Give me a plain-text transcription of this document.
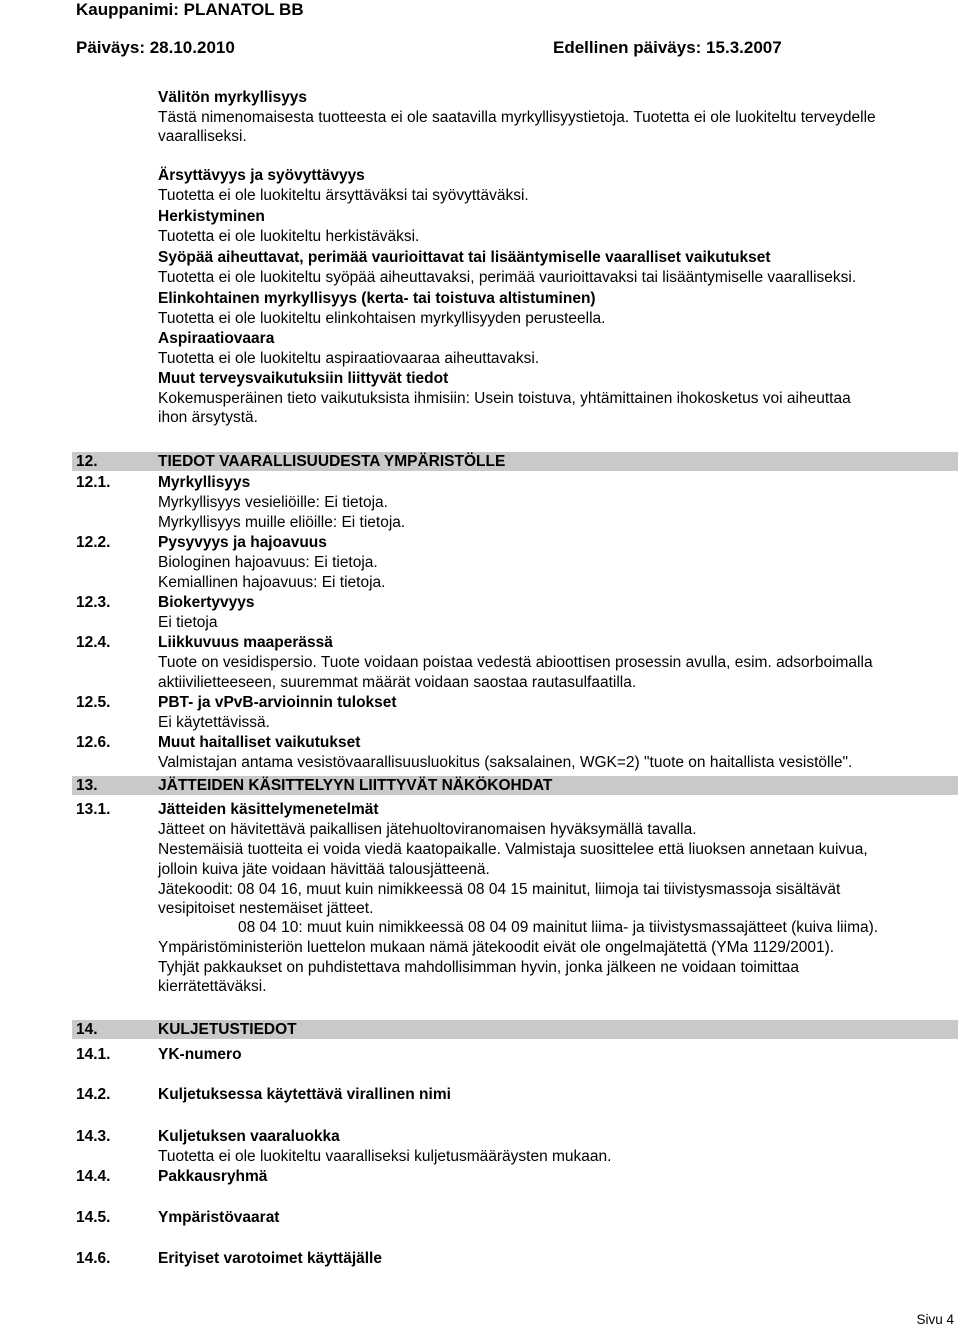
Kauppanimi: PLANATOL BB
Päiväys: 28.10.2010	Edellinen päiväys: 15.3.2007
Välitön myrkyllisyys
Tästä nimenomaisesta tuotteesta ei ole saatavilla myrkyllisyystietoja. Tuotetta ei ole luokiteltu terveydelle
vaaralliseksi.
Ärsyttävyys ja syövyttävyys
Tuotetta ei ole luokiteltu ärsyttäväksi tai syövyttäväksi.
Herkistyminen
Tuotetta ei ole luokiteltu herkistäväksi.
Syöpää aiheuttavat, perimää vaurioittavat tai lisääntymiselle vaaralliset vaikutukset
Tuotetta ei ole luokiteltu syöpää aiheuttavaksi, perimää vaurioittavaksi tai lisääntymiselle vaaralliseksi.
Elinkohtainen myrkyllisyys (kerta- tai toistuva altistuminen)
Tuotetta ei ole luokiteltu elinkohtaisen myrkyllisyyden perusteella.
Aspiraatiovaara
Tuotetta ei ole luokiteltu aspiraatiovaaraa aiheuttavaksi.
Muut terveysvaikutuksiin liittyvät tiedot
Kokemusperäinen tieto vaikutuksista ihmisiin: Usein toistuva, yhtämittainen ihokosketus voi aiheuttaa
ihon ärsytystä.
12.	TIEDOT VAARALLISUUDESTA YMPÄRISTÖLLE
12.1.	Myrkyllisyys
Myrkyllisyys vesieliöille: Ei tietoja.
Myrkyllisyys muille eliöille: Ei tietoja.
12.2.	Pysyvyys ja hajoavuus
Biologinen hajoavuus: Ei tietoja.
Kemiallinen hajoavuus: Ei tietoja.
12.3.	Biokertyvyys
Ei tietoja
12.4.	Liikkuvuus maaperässä
Tuote on vesidispersio. Tuote voidaan poistaa vedestä abioottisen prosessin avulla, esim. adsorboimalla
aktiivilietteeseen, suuremmat määrät voidaan saostaa rautasulfaatilla.
12.5.	PBT- ja vPvB-arvioinnin tulokset
Ei käytettävissä.
12.6.	Muut haitalliset vaikutukset
Valmistajan antama vesistövaarallisuusluokitus (saksalainen, WGK=2) "tuote on haitallista vesistölle".
13.	JÄTTEIDEN KÄSITTELYYN LIITTYVÄT NÄKÖKOHDAT
13.1.	Jätteiden käsittelymenetelmät
Jätteet on hävitettävä paikallisen jätehuoltoviranomaisen hyväksymällä tavalla.
Nestemäisiä tuotteita ei voida viedä kaatopaikalle. Valmistaja suosittelee että liuoksen annetaan kuivua,
jolloin kuiva jäte voidaan hävittää talousjätteenä.
Jätekoodit: 08 04 16, muut kuin nimikkeessä 08 04 15 mainitut, liimoja tai tiivistysmassoja sisältävät
vesipitoiset nestemäiset jätteet.
08 04 10: muut kuin nimikkeessä 08 04 09 mainitut liima- ja tiivistysmassajätteet (kuiva liima).
Ympäristöministeriön luettelon mukaan nämä jätekoodit eivät ole ongelmajätettä (YMa 1129/2001).
Tyhjät pakkaukset on puhdistettava mahdollisimman hyvin, jonka jälkeen ne voidaan toimittaa
kierrätettäväksi.
14.	KULJETUSTIEDOT
14.1.	YK-numero
14.2.	Kuljetuksessa käytettävä virallinen nimi
14.3.	Kuljetuksen vaaraluokka
Tuotetta ei ole luokiteltu vaaralliseksi kuljetusmääräysten mukaan.
14.4.	Pakkausryhmä
14.5.	Ympäristövaarat
14.6.	Erityiset varotoimet käyttäjälle
Sivu 4
